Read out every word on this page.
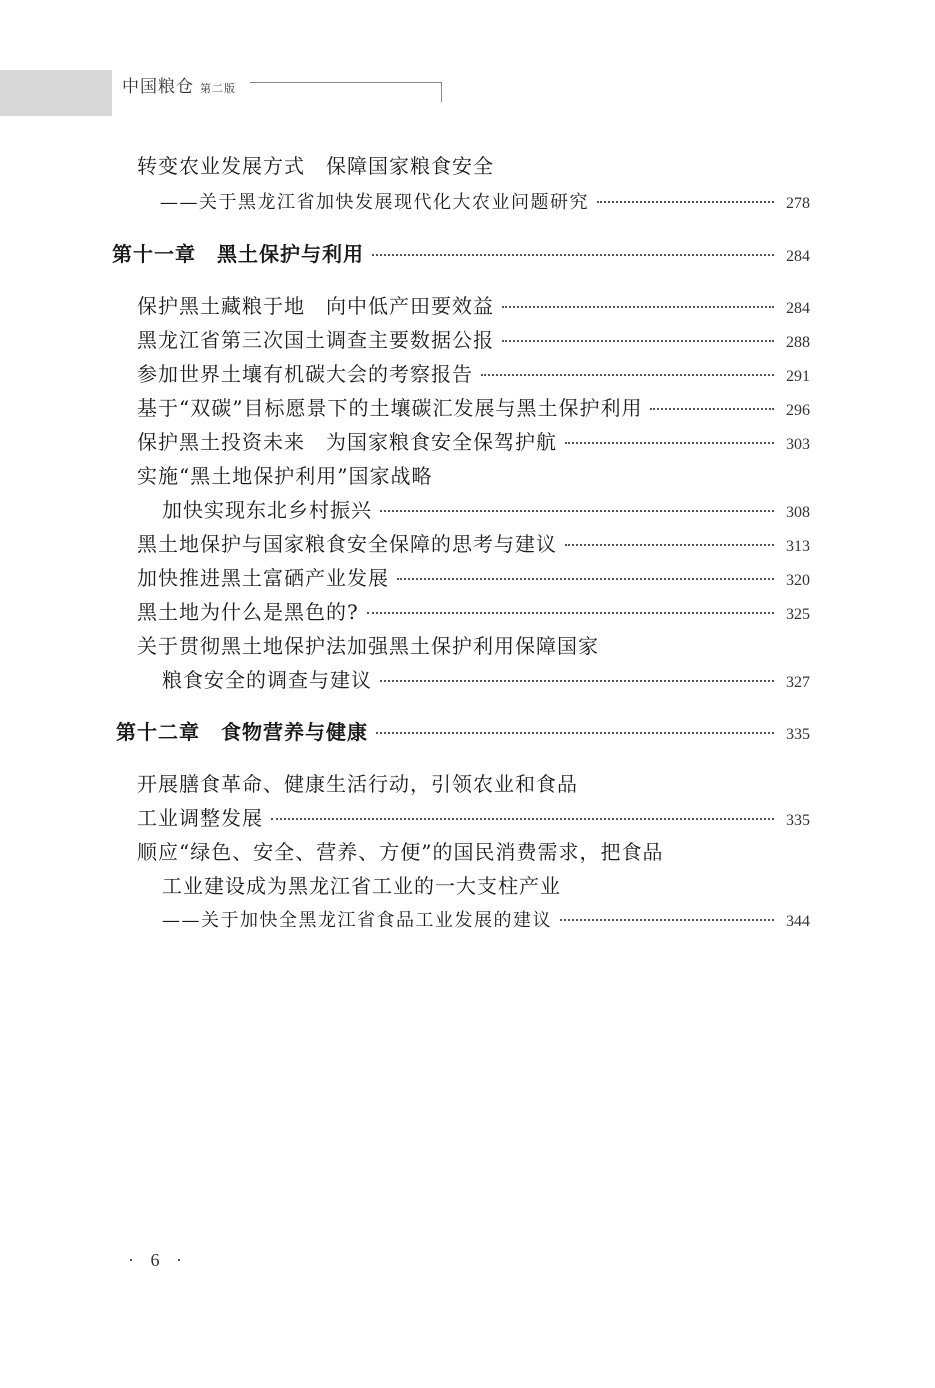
中国粮仓 第二版
转变农业发展方式　保障国家粮食安全
——关于黑龙江省加快发展现代化大农业问题研究	278
第十一章　黑土保护与利用	284
保护黑土藏粮于地　向中低产田要效益	284
黑龙江省第三次国土调查主要数据公报	288
参加世界土壤有机碳大会的考察报告	291
基于“双碳”目标愿景下的土壤碳汇发展与黑土保护利用	296
保护黑土投资未来　为国家粮食安全保驾护航	303
实施“黑土地保护利用”国家战略
加快实现东北乡村振兴	308
黑土地保护与国家粮食安全保障的思考与建议	313
加快推进黑土富硒产业发展	320
黑土地为什么是黑色的?	325
关于贯彻黑土地保护法加强黑土保护利用保障国家
粮食安全的调查与建议	327
第十二章　食物营养与健康	335
开展膳食革命、健康生活行动，引领农业和食品
工业调整发展	335
顺应“绿色、安全、营养、方便”的国民消费需求，把食品
工业建设成为黑龙江省工业的一大支柱产业
——关于加快全黑龙江省食品工业发展的建议	344
· 6 ·
